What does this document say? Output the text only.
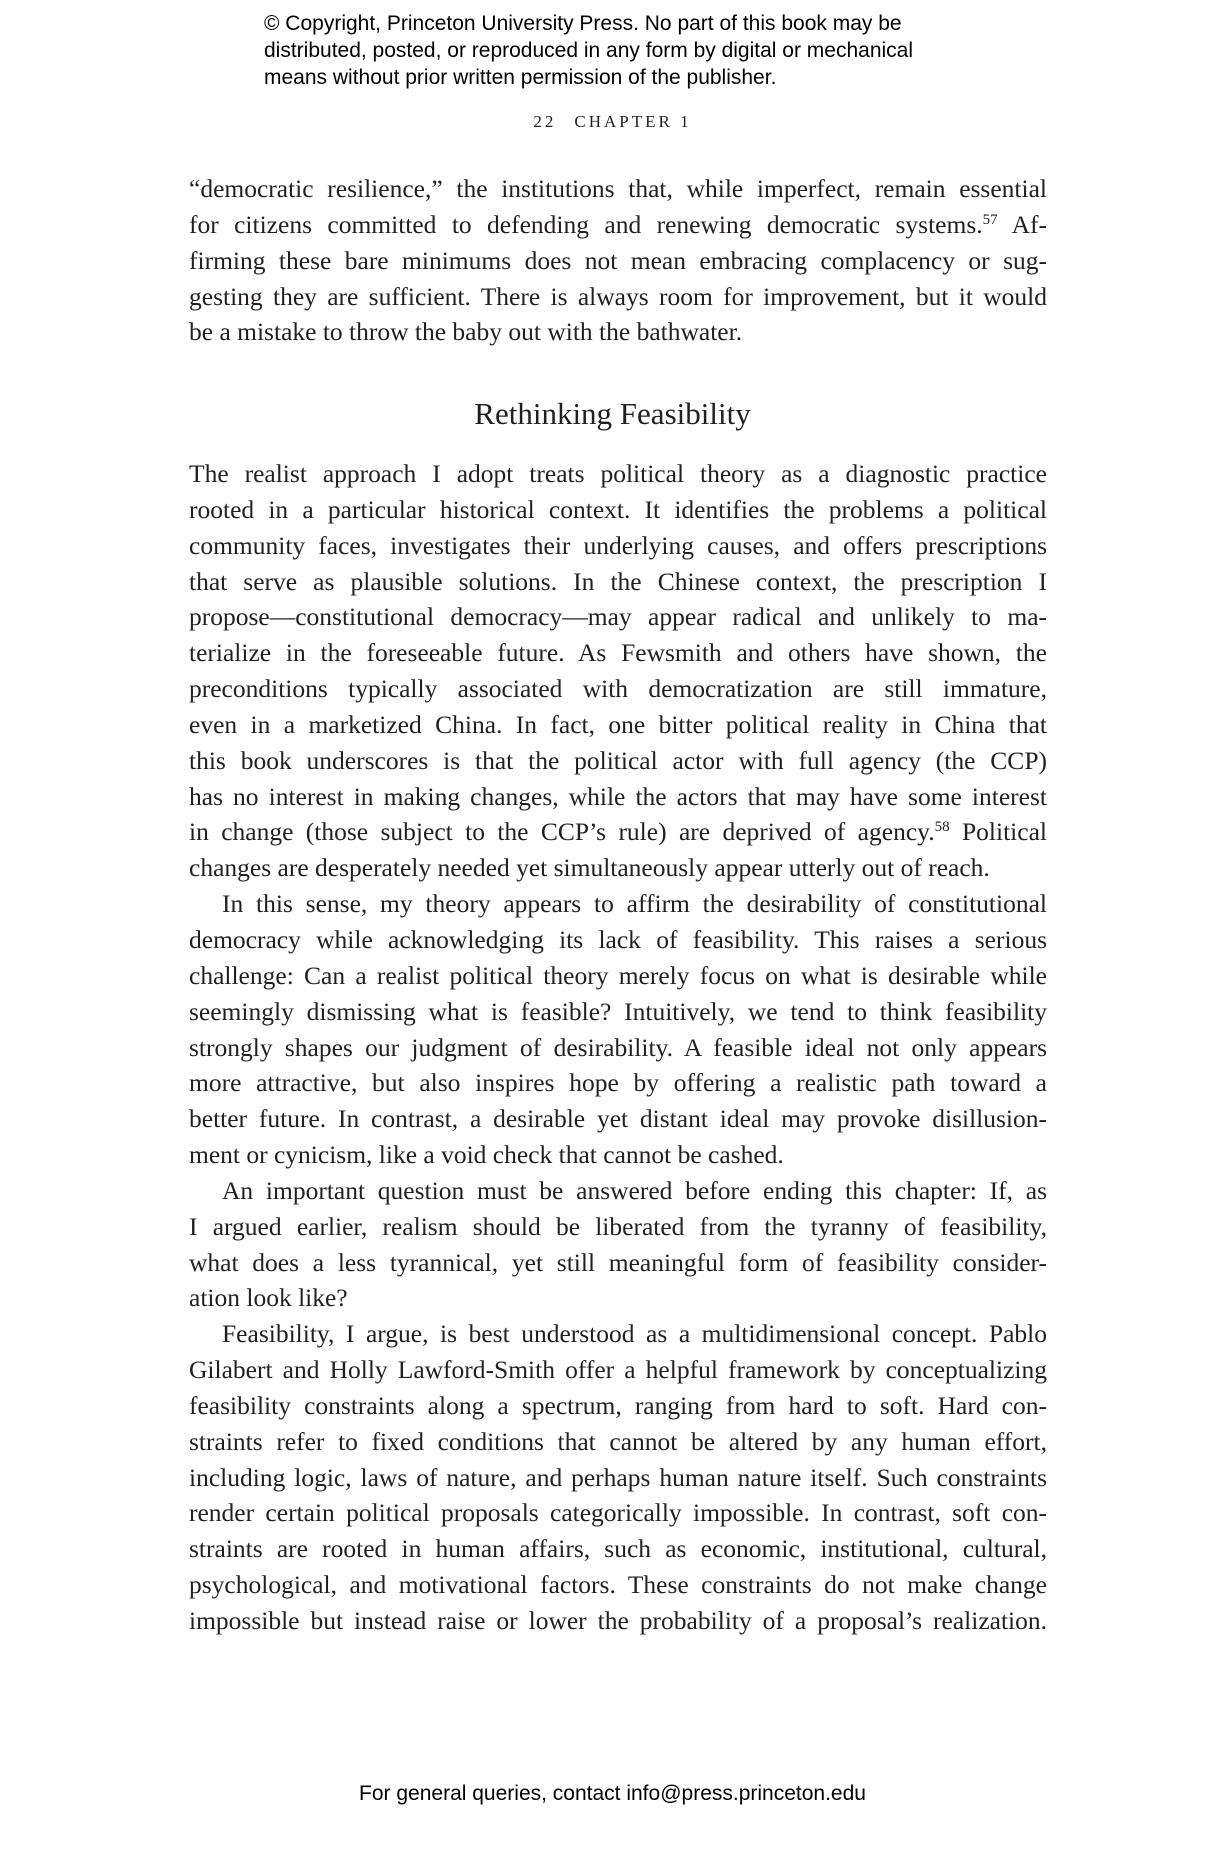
© Copyright, Princeton University Press. No part of this book may be
distributed, posted, or reproduced in any form by digital or mechanical
means without prior written permission of the publisher.
22 CHAPTER 1
“democratic resilience,” the institutions that, while imperfect, remain essential
for citizens committed to defending and renewing democratic systems.$^{57}$ Af-
firming these bare minimums does not mean embracing complacency or sug-
gesting they are sufficient. There is always room for improvement, but it would
be a mistake to throw the baby out with the bathwater.
Rethinking Feasibility
The realist approach I adopt treats political theory as a diagnostic practice
rooted in a particular historical context. It identifies the problems a political
community faces, investigates their underlying causes, and offers prescriptions
that serve as plausible solutions. In the Chinese context, the prescription I
propose—constitutional democracy—may appear radical and unlikely to ma-
terialize in the foreseeable future. As Fewsmith and others have shown, the
preconditions typically associated with democratization are still immature,
even in a marketized China. In fact, one bitter political reality in China that
this book underscores is that the political actor with full agency (the CCP)
has no interest in making changes, while the actors that may have some interest
in change (those subject to the CCP’s rule) are deprived of agency.$^{58}$ Political
changes are desperately needed yet simultaneously appear utterly out of reach.
In this sense, my theory appears to affirm the desirability of constitutional
democracy while acknowledging its lack of feasibility. This raises a serious
challenge: Can a realist political theory merely focus on what is desirable while
seemingly dismissing what is feasible? Intuitively, we tend to think feasibility
strongly shapes our judgment of desirability. A feasible ideal not only appears
more attractive, but also inspires hope by offering a realistic path toward a
better future. In contrast, a desirable yet distant ideal may provoke disillusion-
ment or cynicism, like a void check that cannot be cashed.
An important question must be answered before ending this chapter: If, as
I argued earlier, realism should be liberated from the tyranny of feasibility,
what does a less tyrannical, yet still meaningful form of feasibility consider-
ation look like?
Feasibility, I argue, is best understood as a multidimensional concept. Pablo
Gilabert and Holly Lawford-Smith offer a helpful framework by conceptualizing
feasibility constraints along a spectrum, ranging from hard to soft. Hard con-
straints refer to fixed conditions that cannot be altered by any human effort,
including logic, laws of nature, and perhaps human nature itself. Such constraints
render certain political proposals categorically impossible. In contrast, soft con-
straints are rooted in human affairs, such as economic, institutional, cultural,
psychological, and motivational factors. These constraints do not make change
impossible but instead raise or lower the probability of a proposal’s realization.
For general queries, contact info@press.princeton.edu
